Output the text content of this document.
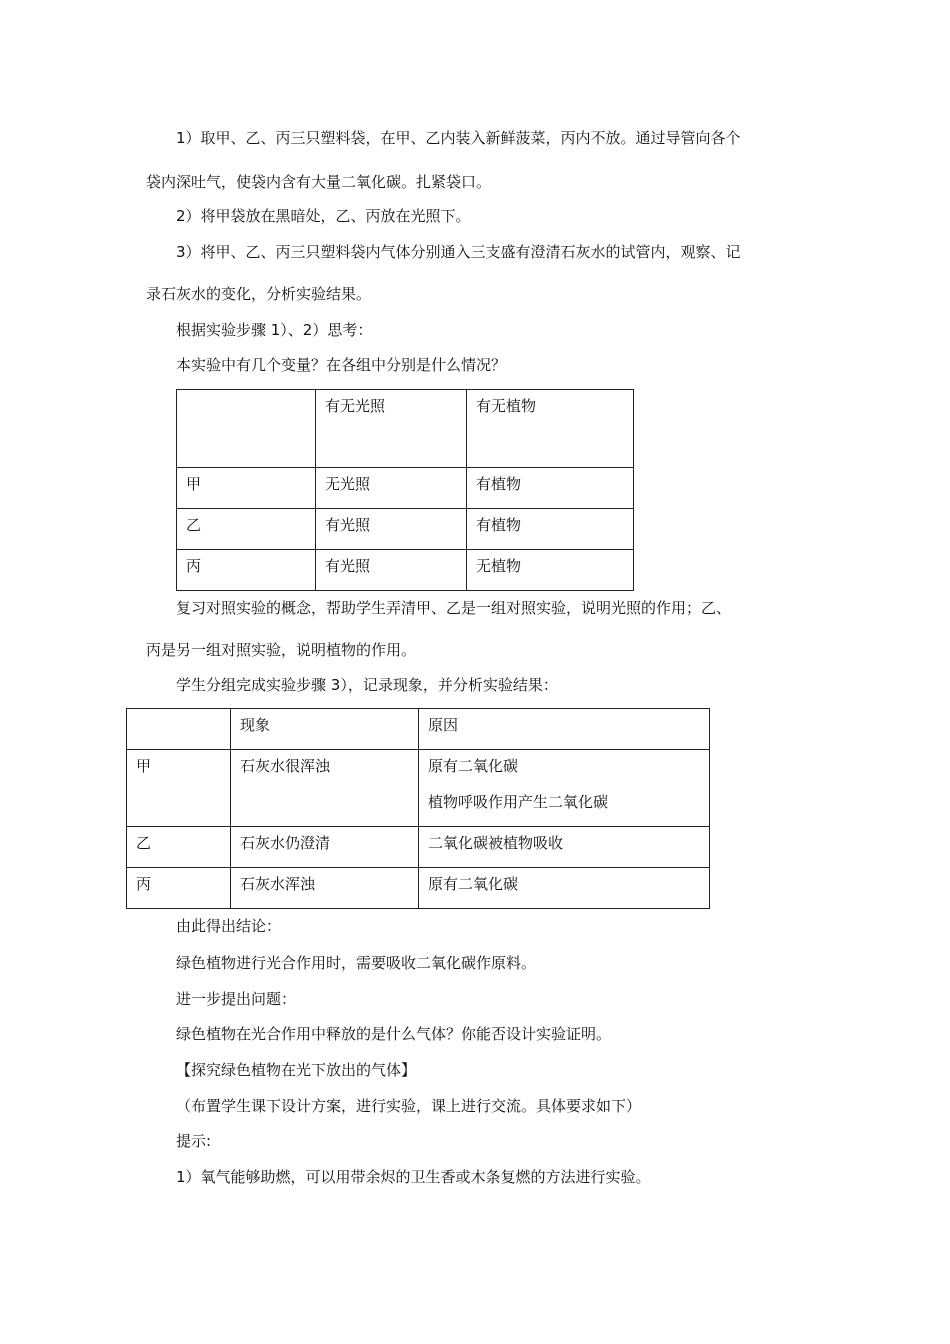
1）取甲、乙、丙三只塑料袋，在甲、乙内装入新鲜菠菜，丙内不放。通过导管向各个
袋内深吐气，使袋内含有大量二氧化碳。扎紧袋口。
2）将甲袋放在黑暗处，乙、丙放在光照下。
3）将甲、乙、丙三只塑料袋内气体分别通入三支盛有澄清石灰水的试管内，观察、记
录石灰水的变化，分析实验结果。
根据实验步骤 1）、2）思考：
本实验中有几个变量？在各组中分别是什么情况？
	有无光照	有无植物
甲	无光照	有植物
乙	有光照	有植物
丙	有光照	无植物
复习对照实验的概念，帮助学生弄清甲、乙是一组对照实验，说明光照的作用；乙、
丙是另一组对照实验，说明植物的作用。
学生分组完成实验步骤 3），记录现象，并分析实验结果：
	现象	原因
甲	石灰水很浑浊	原有二氧化碳
植物呼吸作用产生二氧化碳

乙	石灰水仍澄清	二氧化碳被植物吸收
丙	石灰水浑浊	原有二氧化碳
由此得出结论：
绿色植物进行光合作用时，需要吸收二氧化碳作原料。
进一步提出问题：
绿色植物在光合作用中释放的是什么气体？你能否设计实验证明。
【探究绿色植物在光下放出的气体】
（布置学生课下设计方案，进行实验，课上进行交流。具体要求如下）
提示:
1）氧气能够助燃，可以用带余烬的卫生香或木条复燃的方法进行实验。
